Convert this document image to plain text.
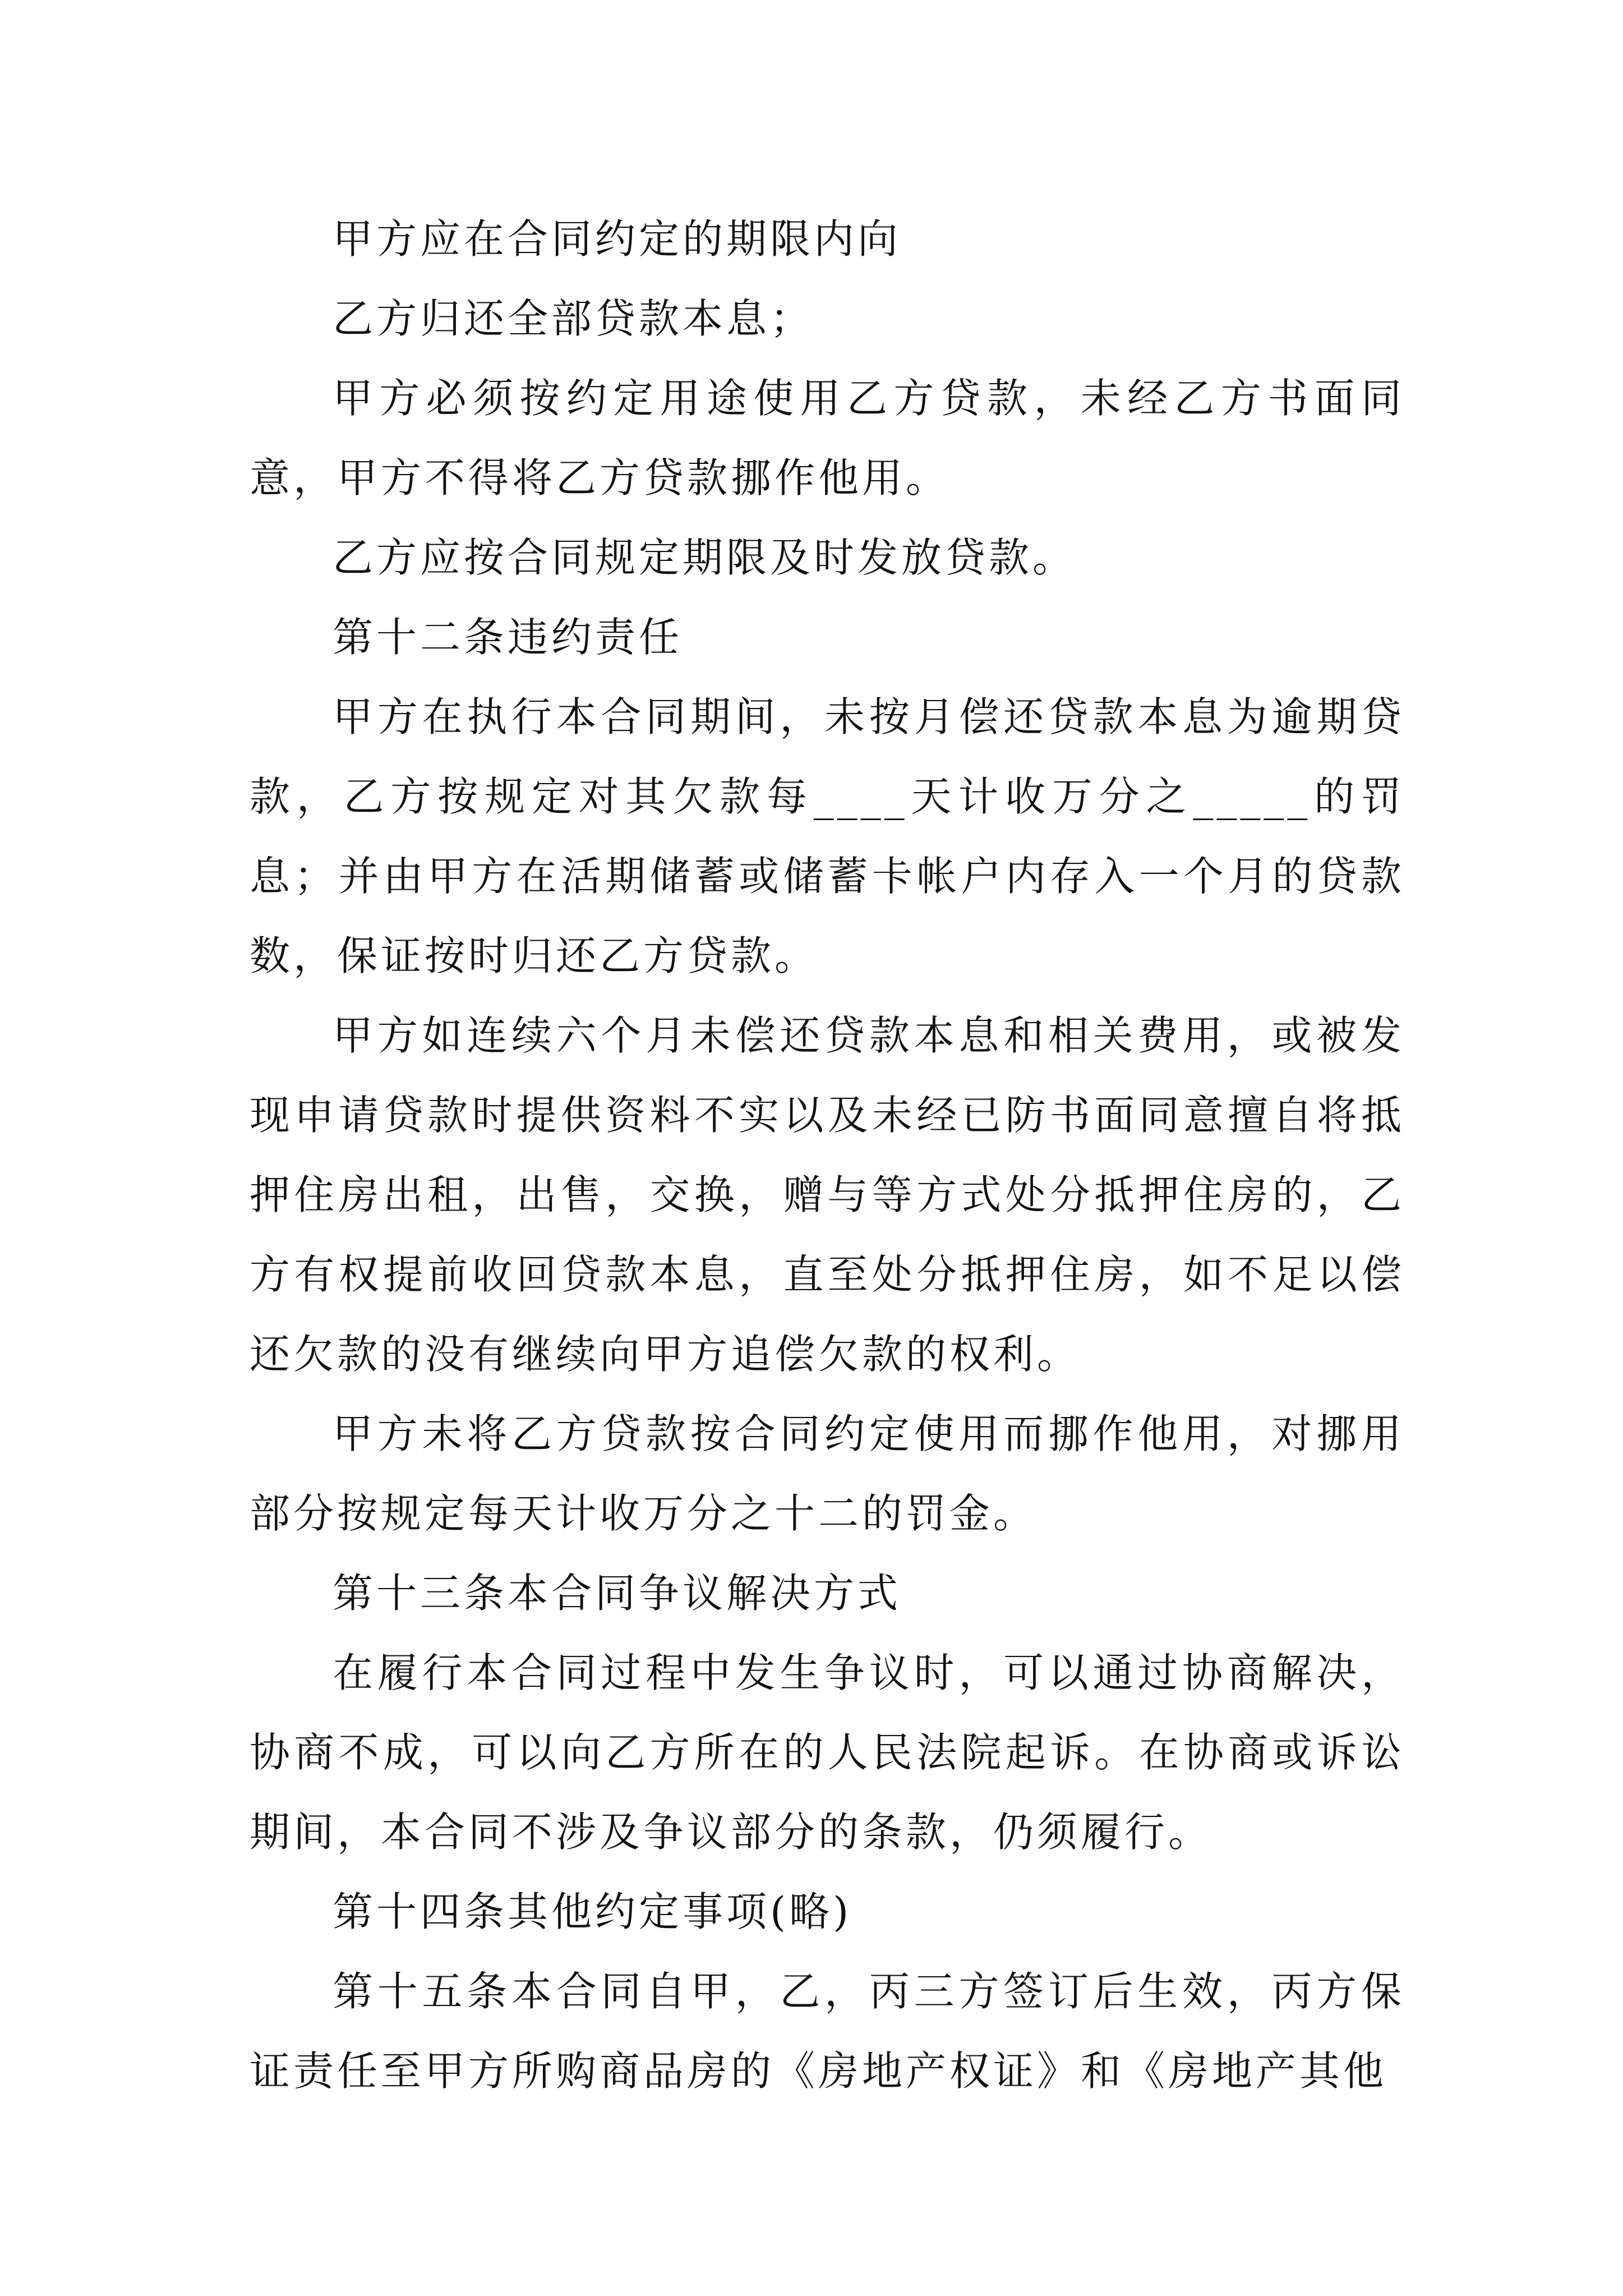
甲方应在合同约定的期限内向

乙方归还全部贷款本息；

甲方必须按约定用途使用乙方贷款，未经乙方书面同意，甲方不得将乙方贷款挪作他用。

乙方应按合同规定期限及时发放贷款。

第十二条违约责任

甲方在执行本合同期间，未按月偿还贷款本息为逾期贷款，乙方按规定对其欠款每____天计收万分之_____的罚息；并由甲方在活期储蓄或储蓄卡帐户内存入一个月的贷款数，保证按时归还乙方贷款。

甲方如连续六个月未偿还贷款本息和相关费用，或被发现申请贷款时提供资料不实以及未经已防书面同意擅自将抵押住房出租，出售，交换，赠与等方式处分抵押住房的，乙方有权提前收回贷款本息，直至处分抵押住房，如不足以偿还欠款的没有继续向甲方追偿欠款的权利。

甲方未将乙方贷款按合同约定使用而挪作他用，对挪用部分按规定每天计收万分之十二的罚金。

第十三条本合同争议解决方式

在履行本合同过程中发生争议时，可以通过协商解决，协商不成，可以向乙方所在的人民法院起诉。在协商或诉讼期间，本合同不涉及争议部分的条款，仍须履行。

第十四条其他约定事项(略)

第十五条本合同自甲，乙，丙三方签订后生效，丙方保证责任至甲方所购商品房的《房地产权证》和《房地产其他
